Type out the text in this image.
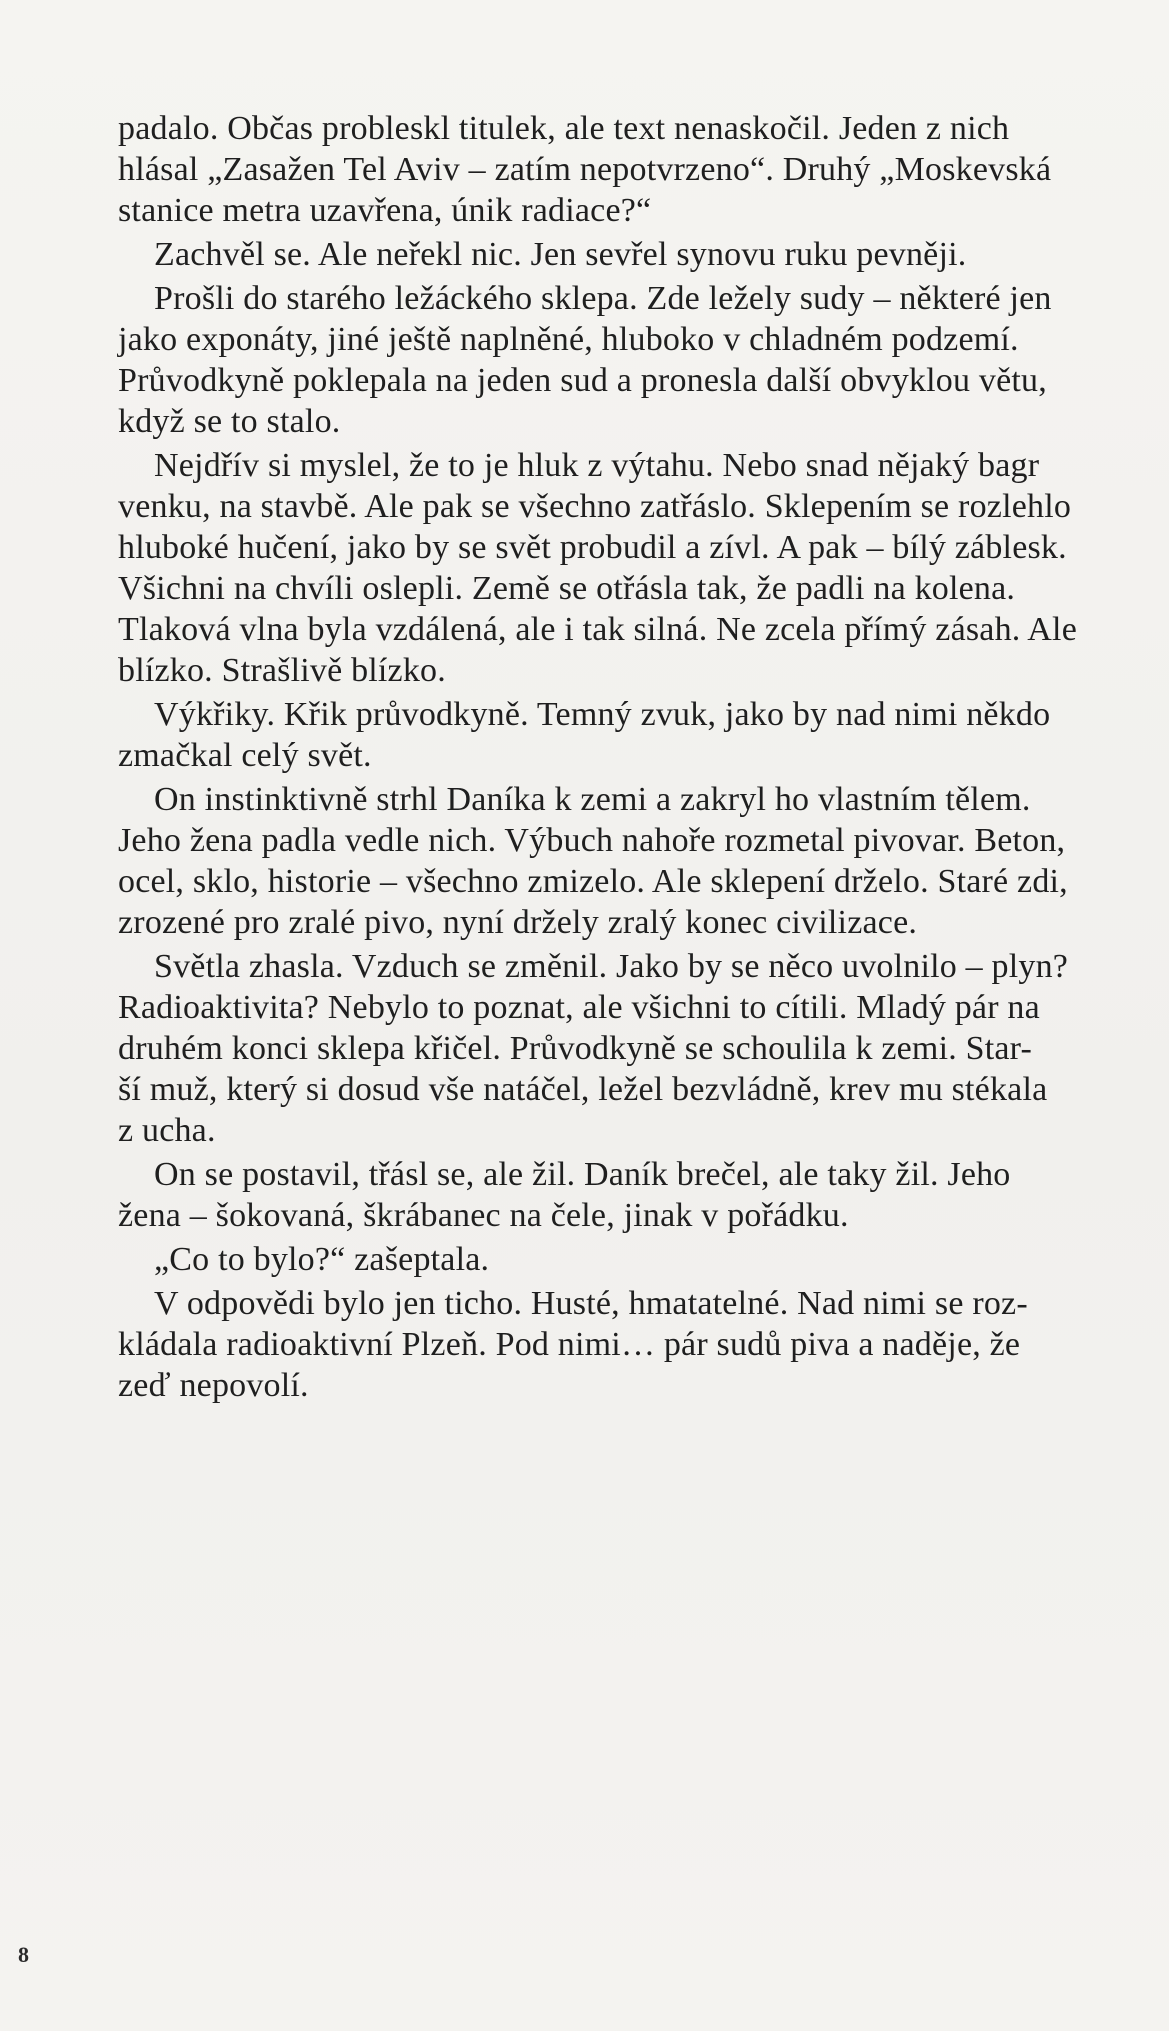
padalo. Občas probleskl titulek, ale text nenaskočil. Jeden z nich
hlásal „Zasažen Tel Aviv – zatím nepotvrzeno“. Druhý „Moskevská
stanice metra uzavřena, únik radiace?“

Zachvěl se. Ale neřekl nic. Jen sevřel synovu ruku pevněji.

Prošli do starého ležáckého sklepa. Zde ležely sudy – některé jen
jako exponáty, jiné ještě naplněné, hluboko v chladném podzemí.
Průvodkyně poklepala na jeden sud a pronesla další obvyklou větu,
když se to stalo.

Nejdřív si myslel, že to je hluk z výtahu. Nebo snad nějaký bagr
venku, na stavbě. Ale pak se všechno zatřáslo. Sklepením se rozlehlo
hluboké hučení, jako by se svět probudil a zívl. A pak – bílý záblesk.
Všichni na chvíli oslepli. Země se otřásla tak, že padli na kolena.
Tlaková vlna byla vzdálená, ale i tak silná. Ne zcela přímý zásah. Ale
blízko. Strašlivě blízko.

Výkřiky. Křik průvodkyně. Temný zvuk, jako by nad nimi někdo
zmačkal celý svět.

On instinktivně strhl Daníka k zemi a zakryl ho vlastním tělem.
Jeho žena padla vedle nich. Výbuch nahoře rozmetal pivovar. Beton,
ocel, sklo, historie – všechno zmizelo. Ale sklepení drželo. Staré zdi,
zrozené pro zralé pivo, nyní držely zralý konec civilizace.

Světla zhasla. Vzduch se změnil. Jako by se něco uvolnilo – plyn?
Radioaktivita? Nebylo to poznat, ale všichni to cítili. Mladý pár na
druhém konci sklepa křičel. Průvodkyně se schoulila k zemi. Star-
ší muž, který si dosud vše natáčel, ležel bezvládně, krev mu stékala
z ucha.

On se postavil, třásl se, ale žil. Daník brečel, ale taky žil. Jeho
žena – šokovaná, škrábanec na čele, jinak v pořádku.

„Co to bylo?“ zašeptala.

V odpovědi bylo jen ticho. Husté, hmatatelné. Nad nimi se roz-
kládala radioaktivní Plzeň. Pod nimi… pár sudů piva a naděje, že
zeď nepovolí.

8
